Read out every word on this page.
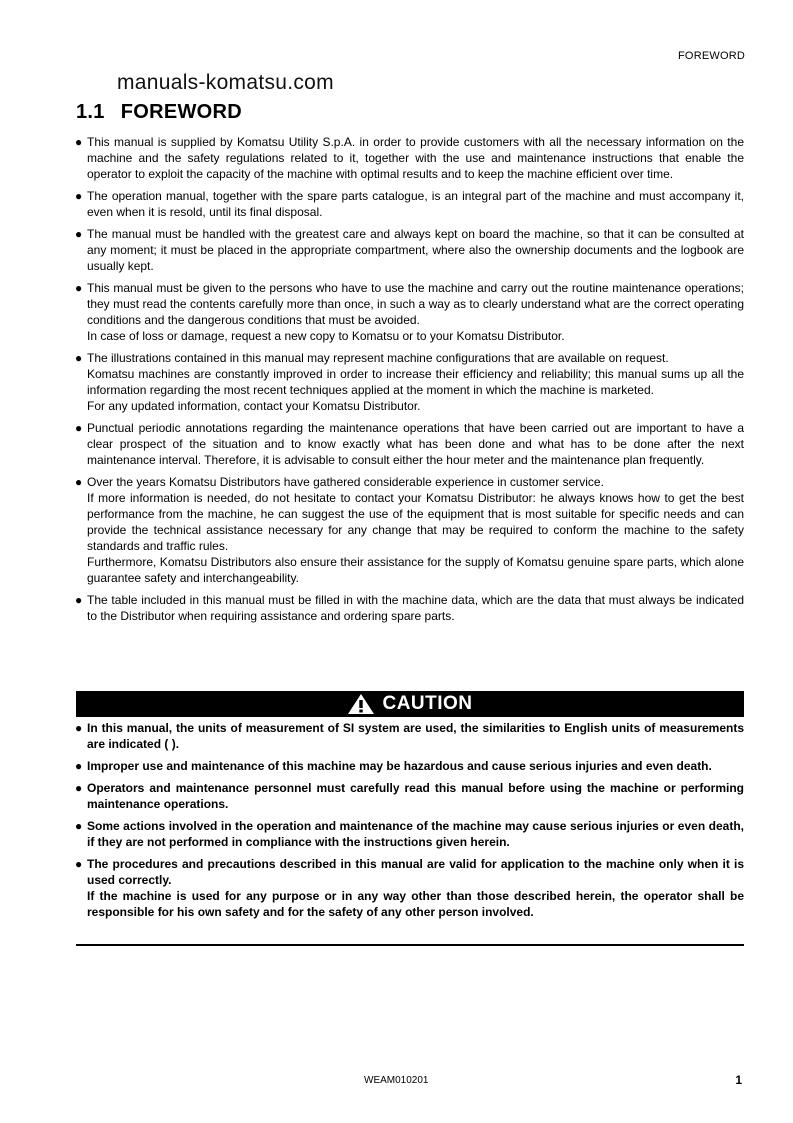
FOREWORD
manuals-komatsu.com
1.1 FOREWORD
● This manual is supplied by Komatsu Utility S.p.A. in order to provide customers with all the necessary information on the machine and the safety regulations related to it, together with the use and maintenance instructions that enable the operator to exploit the capacity of the machine with optimal results and to keep the machine efficient over time.
● The operation manual, together with the spare parts catalogue, is an integral part of the machine and must accompany it, even when it is resold, until its final disposal.
● The manual must be handled with the greatest care and always kept on board the machine, so that it can be consulted at any moment; it must be placed in the appropriate compartment, where also the ownership documents and the logbook are usually kept.
● This manual must be given to the persons who have to use the machine and carry out the routine maintenance operations; they must read the contents carefully more than once, in such a way as to clearly understand what are the correct operating conditions and the dangerous conditions that must be avoided.
In case of loss or damage, request a new copy to Komatsu or to your Komatsu Distributor.
● The illustrations contained in this manual may represent machine configurations that are available on request.
Komatsu machines are constantly improved in order to increase their efficiency and reliability; this manual sums up all the information regarding the most recent techniques applied at the moment in which the machine is marketed.
For any updated information, contact your Komatsu Distributor.
● Punctual periodic annotations regarding the maintenance operations that have been carried out are important to have a clear prospect of the situation and to know exactly what has been done and what has to be done after the next maintenance interval. Therefore, it is advisable to consult either the hour meter and the maintenance plan frequently.
● Over the years Komatsu Distributors have gathered considerable experience in customer service.
If more information is needed, do not hesitate to contact your Komatsu Distributor: he always knows how to get the best performance from the machine, he can suggest the use of the equipment that is most suitable for specific needs and can provide the technical assistance necessary for any change that may be required to conform the machine to the safety standards and traffic rules.
Furthermore, Komatsu Distributors also ensure their assistance for the supply of Komatsu genuine spare parts, which alone guarantee safety and interchangeability.
● The table included in this manual must be filled in with the machine data, which are the data that must always be indicated to the Distributor when requiring assistance and ordering spare parts.
CAUTION
● In this manual, the units of measurement of SI system are used, the similarities to English units of measurements are indicated ( ).
● Improper use and maintenance of this machine may be hazardous and cause serious injuries and even death.
● Operators and maintenance personnel must carefully read this manual before using the machine or performing maintenance operations.
● Some actions involved in the operation and maintenance of the machine may cause serious injuries or even death, if they are not performed in compliance with the instructions given herein.
● The procedures and precautions described in this manual are valid for application to the machine only when it is used correctly.
If the machine is used for any purpose or in any way other than those described herein, the operator shall be responsible for his own safety and for the safety of any other person involved.
WEAM010201	1
